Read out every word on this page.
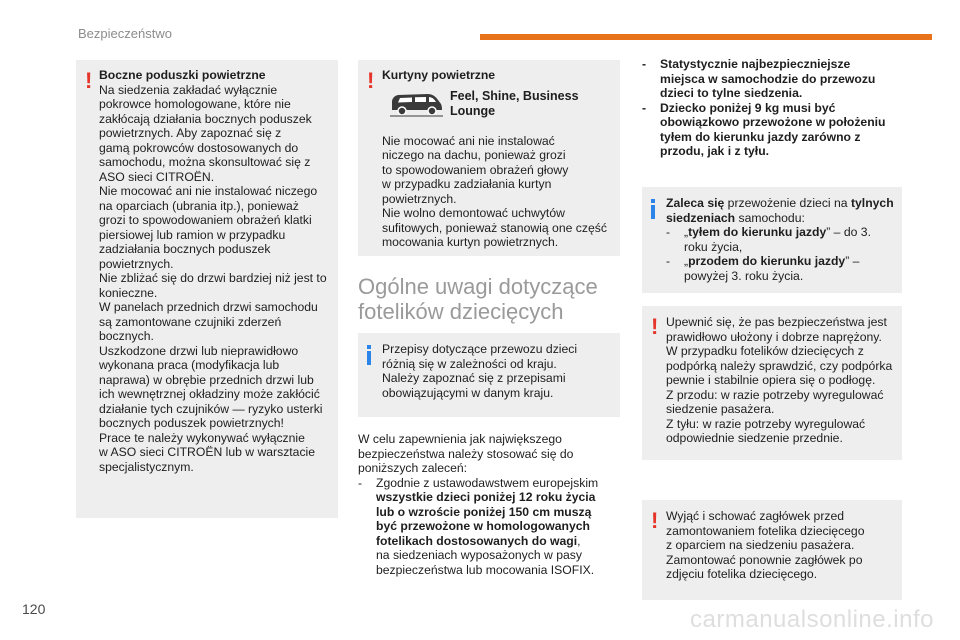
Bezpieczeństwo
! Boczne poduszki powietrzne

Na siedzenia zakładać wyłącznie

pokrowce homologowane, które nie

zakłócają działania bocznych poduszek

powietrznych. Aby zapoznać się z

gamą pokrowców dostosowanych do

samochodu, można skonsultować się z

ASO sieci CITROËN.

Nie mocować ani nie instalować niczego

na oparciach (ubrania itp.), ponieważ

grozi to spowodowaniem obrażeń klatki

piersiowej lub ramion w przypadku

zadziałania bocznych poduszek

powietrznych.

Nie zbliżać się do drzwi bardziej niż jest to

konieczne.

W panelach przednich drzwi samochodu

są zamontowane czujniki zderzeń

bocznych.

Uszkodzone drzwi lub nieprawidłowo

wykonana praca (modyfikacja lub

naprawa) w obrębie przednich drzwi lub

ich wewnętrznej okładziny może zakłócić

działanie tych czujników — ryzyko usterki

bocznych poduszek powietrznych!

Prace te należy wykonywać wyłącznie

w ASO sieci CITROËN lub w warsztacie

specjalistycznym.

! Kurtyny powietrzne

Feel, Shine, Business

Lounge

Nie mocować ani nie instalować

niczego na dachu, ponieważ grozi

to spowodowaniem obrażeń głowy

w przypadku zadziałania kurtyn

powietrznych.

Nie wolno demontować uchwytów

sufitowych, ponieważ stanowią one część

mocowania kurtyn powietrznych.

Ogólne uwagi dotyczące
fotelików dziecięcych

Przepisy dotyczące przewozu dzieci

różnią się w zależności od kraju.

Należy zapoznać się z przepisami

obowiązującymi w danym kraju.

W celu zapewnienia jak największego

bezpieczeństwa należy stosować się do

poniższych zaleceń:

- Zgodnie z ustawodawstwem europejskim

wszystkie dzieci poniżej 12 roku życia

lub o wzroście poniżej 150 cm muszą

być przewożone w homologowanych

fotelikach dostosowanych do wagi,

na siedzeniach wyposażonych w pasy

bezpieczeństwa lub mocowania ISOFIX.

- Statystycznie najbezpieczniejsze

miejsca w samochodzie do przewozu

dzieci to tylne siedzenia.

- Dziecko poniżej 9 kg musi być

obowiązkowo przewożone w położeniu

tyłem do kierunku jazdy zarówno z

przodu, jak i z tyłu.

Zaleca się przewożenie dzieci na tylnych

siedzeniach samochodu:

- „tyłem do kierunku jazdy” – do 3.

roku życia,

- „przodem do kierunku jazdy” –

powyżej 3. roku życia.

! Upewnić się, że pas bezpieczeństwa jest

prawidłowo ułożony i dobrze naprężony.

W przypadku fotelików dziecięcych z

podpórką należy sprawdzić, czy podpórka

pewnie i stabilnie opiera się o podłogę.

Z przodu: w razie potrzeby wyregulować

siedzenie pasażera.

Z tyłu: w razie potrzeby wyregulować

odpowiednie siedzenie przednie.

! Wyjąć i schować zagłówek przed

zamontowaniem fotelika dziecięcego

z oparciem na siedzeniu pasażera.

Zamontować ponownie zagłówek po

zdjęciu fotelika dziecięcego.

120	carmanualsonline.info
